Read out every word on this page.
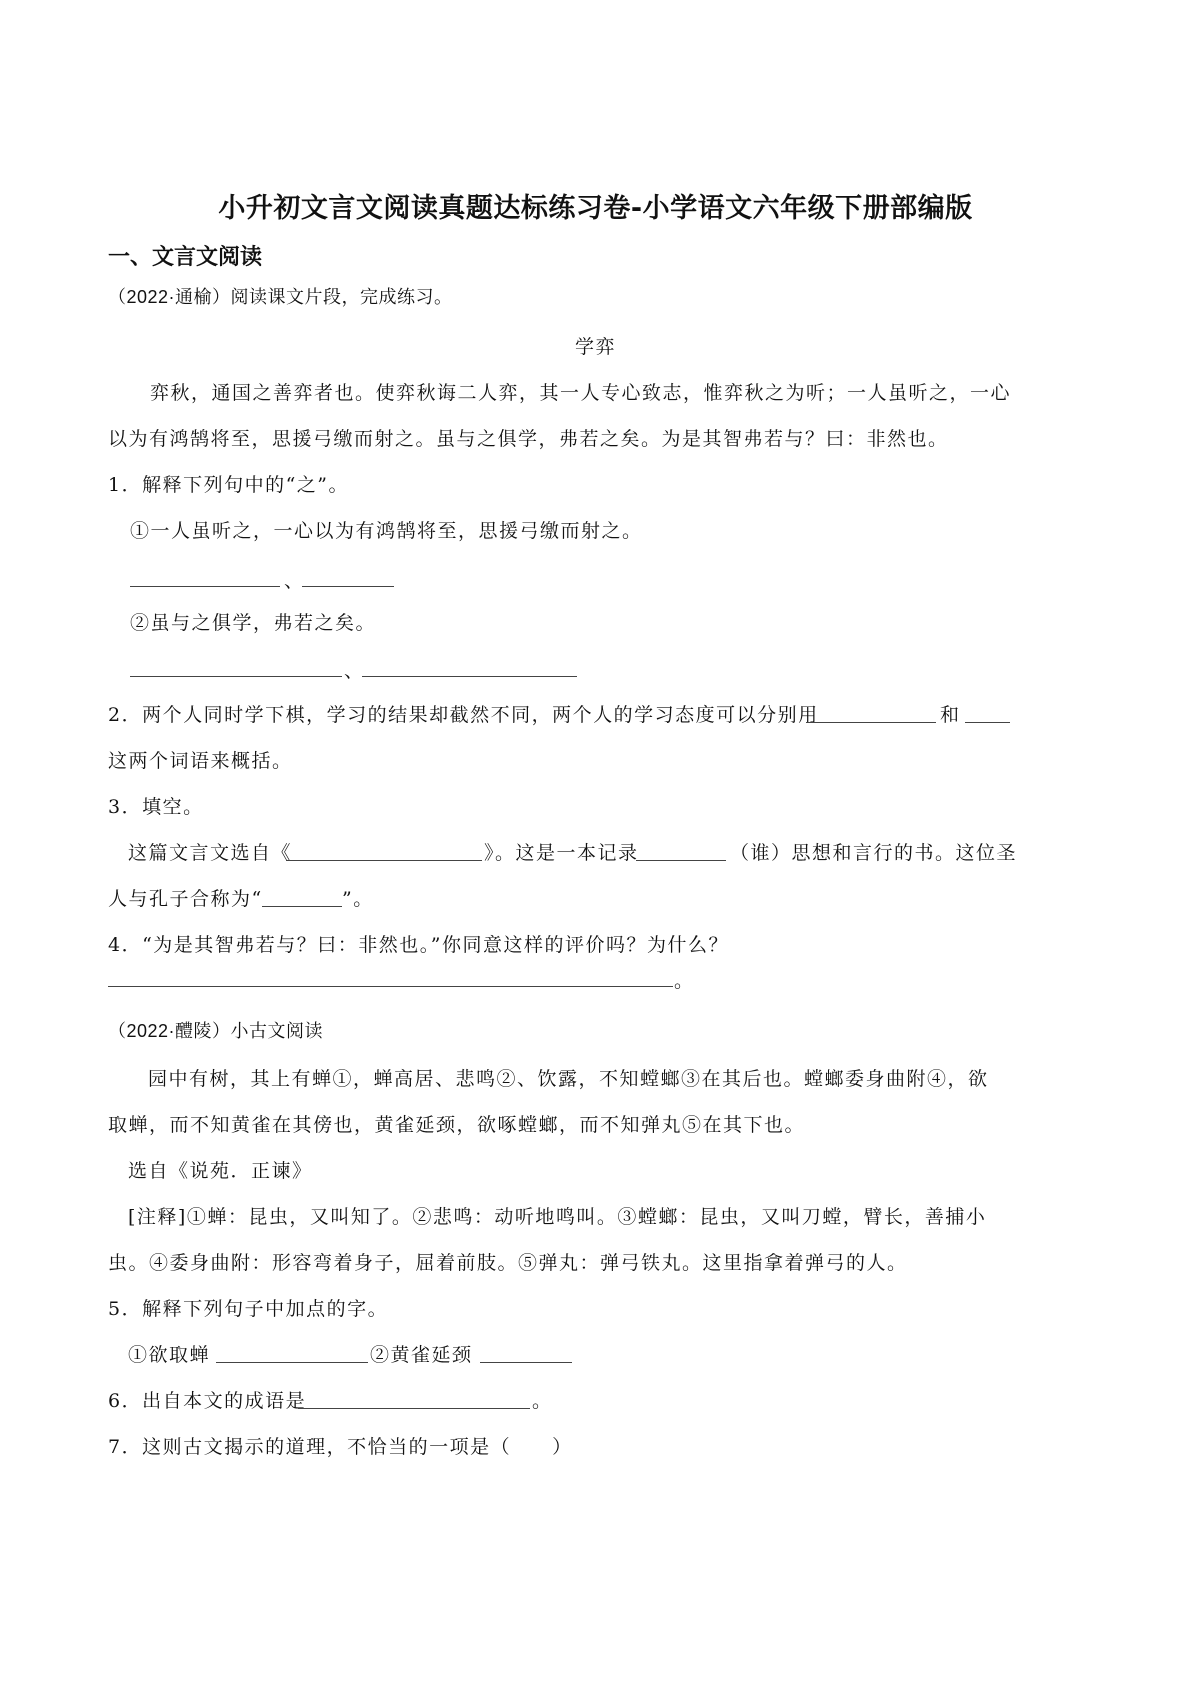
小升初文言文阅读真题达标练习卷-小学语文六年级下册部编版
一、文言文阅读
（2022·通榆）阅读课文片段，完成练习。
学弈
弈秋，通国之善弈者也。使弈秋诲二人弈，其一人专心致志，惟弈秋之为听；一人虽听之，一心
以为有鸿鹄将至，思援弓缴而射之。虽与之俱学，弗若之矣。为是其智弗若与？曰：非然也。
1．解释下列句中的“之”。
①一人虽听之，一心以为有鸿鹄将至，思援弓缴而射之。
、
②虽与之俱学，弗若之矣。
、
2．两个人同时学下棋，学习的结果却截然不同，两个人的学习态度可以分别用	和
这两个词语来概括。
3．填空。
这篇文言文选自《	》。这是一本记录	（谁）思想和言行的书。这位圣
人与孔子合称为“	”。
4．“为是其智弗若与？曰：非然也。”你同意这样的评价吗？为什么？
。
（2022·醴陵）小古文阅读
园中有树，其上有蝉①，蝉高居、悲鸣②、饮露，不知螳螂③在其后也。螳螂委身曲附④，欲
取蝉，而不知黄雀在其傍也，黄雀延颈，欲啄螳螂，而不知弹丸⑤在其下也。
选自《说苑．正谏》
[注释]①蝉：昆虫，又叫知了。②悲鸣：动听地鸣叫。③螳螂：昆虫，又叫刀螳，臂长，善捕小
虫。④委身曲附：形容弯着身子，屈着前肢。⑤弹丸：弹弓铁丸。这里指拿着弹弓的人。
5．解释下列句子中加点的字。
①欲取蝉	②黄雀延颈
6．出自本文的成语是	。
7．这则古文揭示的道理，不恰当的一项是（　　）
